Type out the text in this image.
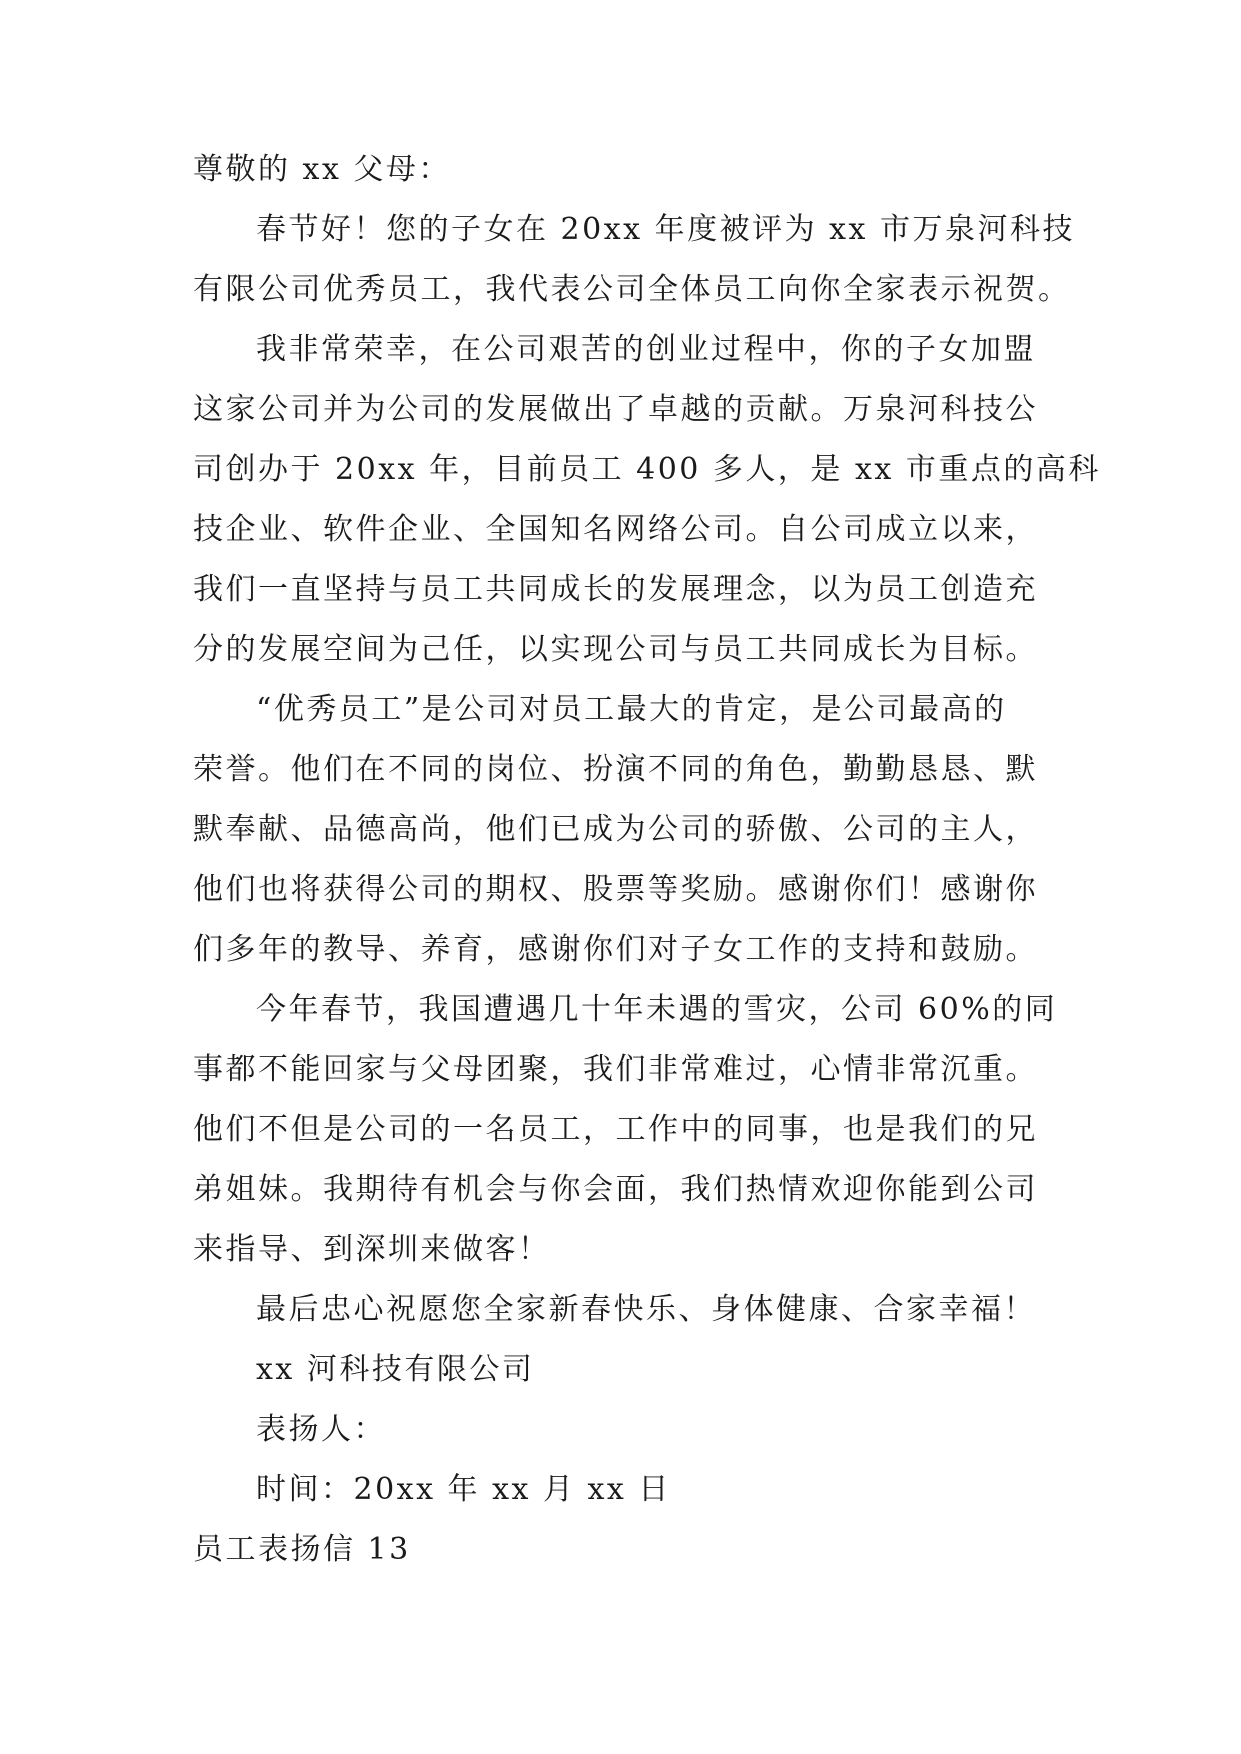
尊敬的 xx 父母：
春节好！您的子女在 20xx 年度被评为 xx 市万泉河科技
有限公司优秀员工，我代表公司全体员工向你全家表示祝贺。
我非常荣幸，在公司艰苦的创业过程中，你的子女加盟
这家公司并为公司的发展做出了卓越的贡献。万泉河科技公
司创办于 20xx 年，目前员工 400 多人，是 xx 市重点的高科
技企业、软件企业、全国知名网络公司。自公司成立以来，
我们一直坚持与员工共同成长的发展理念，以为员工创造充
分的发展空间为己任，以实现公司与员工共同成长为目标。
“优秀员工”是公司对员工最大的肯定，是公司最高的
荣誉。他们在不同的岗位、扮演不同的角色，勤勤恳恳、默
默奉献、品德高尚，他们已成为公司的骄傲、公司的主人，
他们也将获得公司的期权、股票等奖励。感谢你们！感谢你
们多年的教导、养育，感谢你们对子女工作的支持和鼓励。
今年春节，我国遭遇几十年未遇的雪灾，公司 60%的同
事都不能回家与父母团聚，我们非常难过，心情非常沉重。
他们不但是公司的一名员工，工作中的同事，也是我们的兄
弟姐妹。我期待有机会与你会面，我们热情欢迎你能到公司
来指导、到深圳来做客！
最后忠心祝愿您全家新春快乐、身体健康、合家幸福！
xx 河科技有限公司
表扬人：
时间：20xx 年 xx 月 xx 日
员工表扬信 13
